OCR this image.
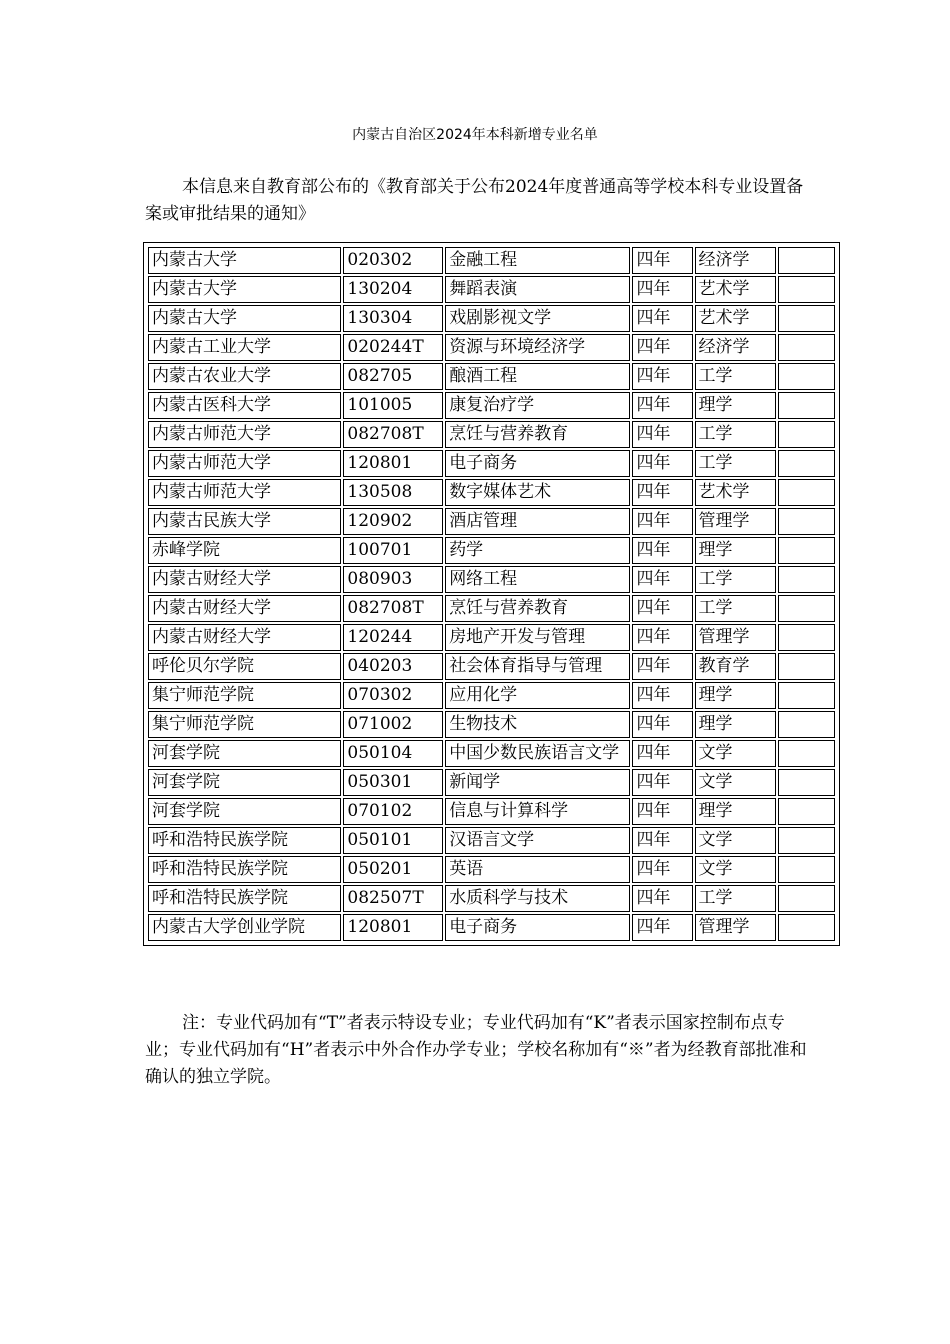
内蒙古自治区2024年本科新增专业名单

本信息来自教育部公布的《教育部关于公布2024年度普通高等学校本科专业设置备案或审批结果的通知》

内蒙古大学	020302	金融工程	四年	经济学	
内蒙古大学	130204	舞蹈表演	四年	艺术学	
内蒙古大学	130304	戏剧影视文学	四年	艺术学	
内蒙古工业大学	020244T	资源与环境经济学	四年	经济学	
内蒙古农业大学	082705	酿酒工程	四年	工学	
内蒙古医科大学	101005	康复治疗学	四年	理学	
内蒙古师范大学	082708T	烹饪与营养教育	四年	工学	
内蒙古师范大学	120801	电子商务	四年	工学	
内蒙古师范大学	130508	数字媒体艺术	四年	艺术学	
内蒙古民族大学	120902	酒店管理	四年	管理学	
赤峰学院	100701	药学	四年	理学	
内蒙古财经大学	080903	网络工程	四年	工学	
内蒙古财经大学	082708T	烹饪与营养教育	四年	工学	
内蒙古财经大学	120244	房地产开发与管理	四年	管理学	
呼伦贝尔学院	040203	社会体育指导与管理	四年	教育学	
集宁师范学院	070302	应用化学	四年	理学	
集宁师范学院	071002	生物技术	四年	理学	
河套学院	050104	中国少数民族语言文学	四年	文学	
河套学院	050301	新闻学	四年	文学	
河套学院	070102	信息与计算科学	四年	理学	
呼和浩特民族学院	050101	汉语言文学	四年	文学	
呼和浩特民族学院	050201	英语	四年	文学	
呼和浩特民族学院	082507T	水质科学与技术	四年	工学	
内蒙古大学创业学院	120801	电子商务	四年	管理学	

注：专业代码加有“T”者表示特设专业；专业代码加有“K”者表示国家控制布点专业；专业代码加有“H”者表示中外合作办学专业；学校名称加有“※”者为经教育部批准和确认的独立学院。
